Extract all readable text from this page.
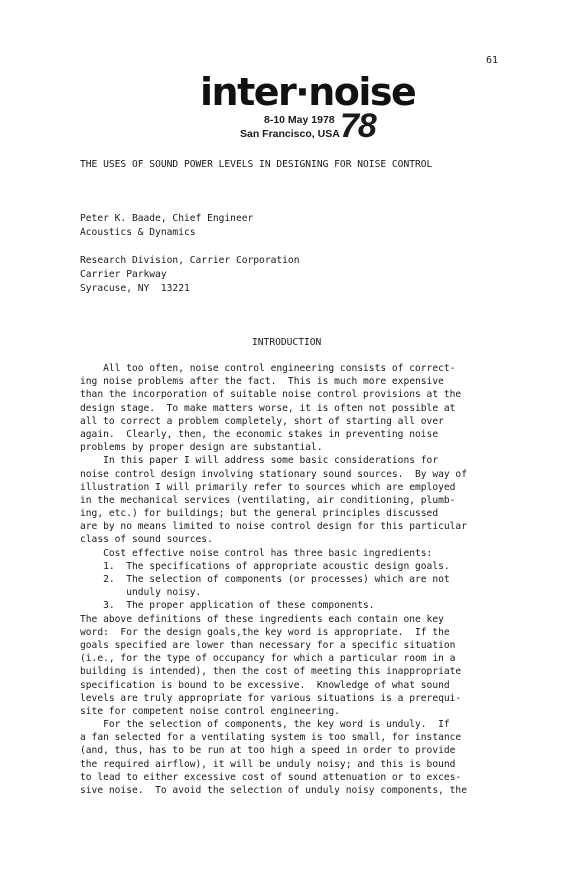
61
inter·noise
8-10 May 1978
San Francisco, USA 78
THE USES OF SOUND POWER LEVELS IN DESIGNING FOR NOISE CONTROL
Peter K. Baade, Chief Engineer
Acoustics & Dynamics
Research Division, Carrier Corporation
Carrier Parkway
Syracuse, NY  13221
INTRODUCTION
All too often, noise control engineering consists of correct-
ing noise problems after the fact.  This is much more expensive
than the incorporation of suitable noise control provisions at the
design stage.  To make matters worse, it is often not possible at
all to correct a problem completely, short of starting all over
again.  Clearly, then, the economic stakes in preventing noise
problems by proper design are substantial.
In this paper I will address some basic considerations for
noise control design involving stationary sound sources.  By way of
illustration I will primarily refer to sources which are employed
in the mechanical services (ventilating, air conditioning, plumb-
ing, etc.) for buildings; but the general principles discussed
are by no means limited to noise control design for this particular
class of sound sources.
Cost effective noise control has three basic ingredients:
1.  The specifications of appropriate acoustic design goals.
2.  The selection of components (or processes) which are not
unduly noisy.
3.  The proper application of these components.
The above definitions of these ingredients each contain one key
word:  For the design goals,the key word is appropriate.  If the
goals specified are lower than necessary for a specific situation
(i.e., for the type of occupancy for which a particular room in a
building is intended), then the cost of meeting this inappropriate
specification is bound to be excessive.  Knowledge of what sound
levels are truly appropriate for various situations is a prerequi-
site for competent noise control engineering.
For the selection of components, the key word is unduly.  If
a fan selected for a ventilating system is too small, for instance
(and, thus, has to be run at too high a speed in order to provide
the required airflow), it will be unduly noisy; and this is bound
to lead to either excessive cost of sound attenuation or to exces-
sive noise.  To avoid the selection of unduly noisy components, the
